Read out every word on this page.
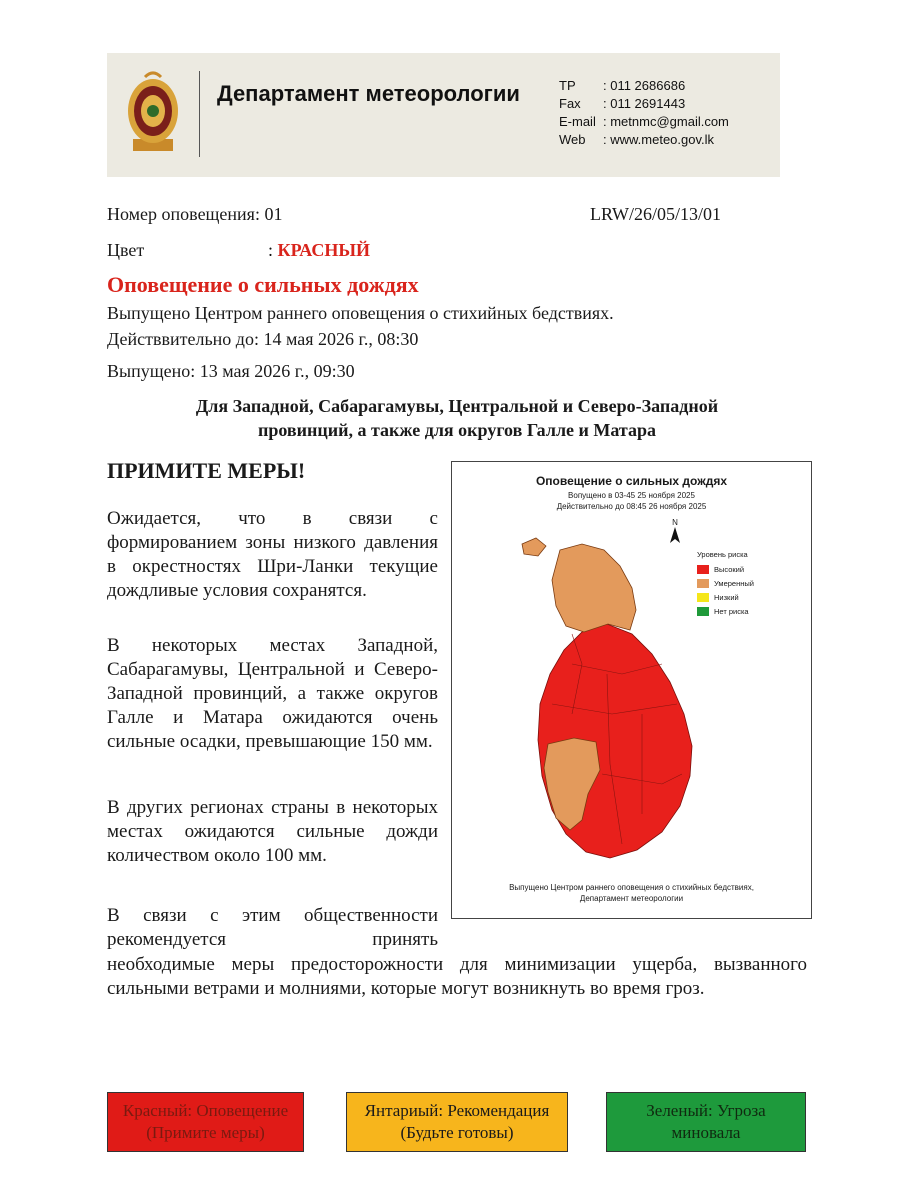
Департамент метеорологии	TP	: 011 2686686
Fax	: 011 2691443
E-mail : metnmc@gmail.com
Web	: www.meteo.gov.lk
Номер оповещения: 01	LRW/26/05/13/01
Цвет	: КРАСНЫЙ
Оповещение о сильных дождях
Выпущено Центром раннего оповещения о стихийных бедствиях.
Действвительно до: 14 мая 2026 г., 08:30
Выпущено: 13 мая 2026 г., 09:30
Для Западной, Сабарагамувы, Центральной и Северо-Западной
провинций, а также для округов Галле и Матара
ПРИМИТЕ МЕРЫ!

Ожидается, что в связи с формированием зоны низкого давления в окрестностях Шри-Ланки текущие дождливые условия сохранятся.

В некоторых местах Западной, Сабарагамувы, Центральной и Северо-Западной провинций, а также округов Галле и Матара ожидаются очень сильные осадки, превышающие 150 мм.

В других регионах страны в некоторых местах ожидаются сильные дожди количеством около 100 мм.

В связи с этим общественности рекомендуется принять

необходимые меры предосторожности для минимизации ущерба, вызванного сильными ветрами и молниями, которые могут возникнуть во время гроз.

Оповещение о сильных дождях
Вопущено в 03-45 25 ноября 2025
Действительно до 08:45 26 ноября 2025
N
Уровень риска
Высокий
Умеренный
Низкий
Нет риска
Выпущено Центром раннего оповещения о стихийных бедствиях,
Департамент метеорологии
Красный: Оповещение
(Примите меры)
Янтариый: Рекомендация
(Будьте готовы)
Зеленый: Угроза
миновала
